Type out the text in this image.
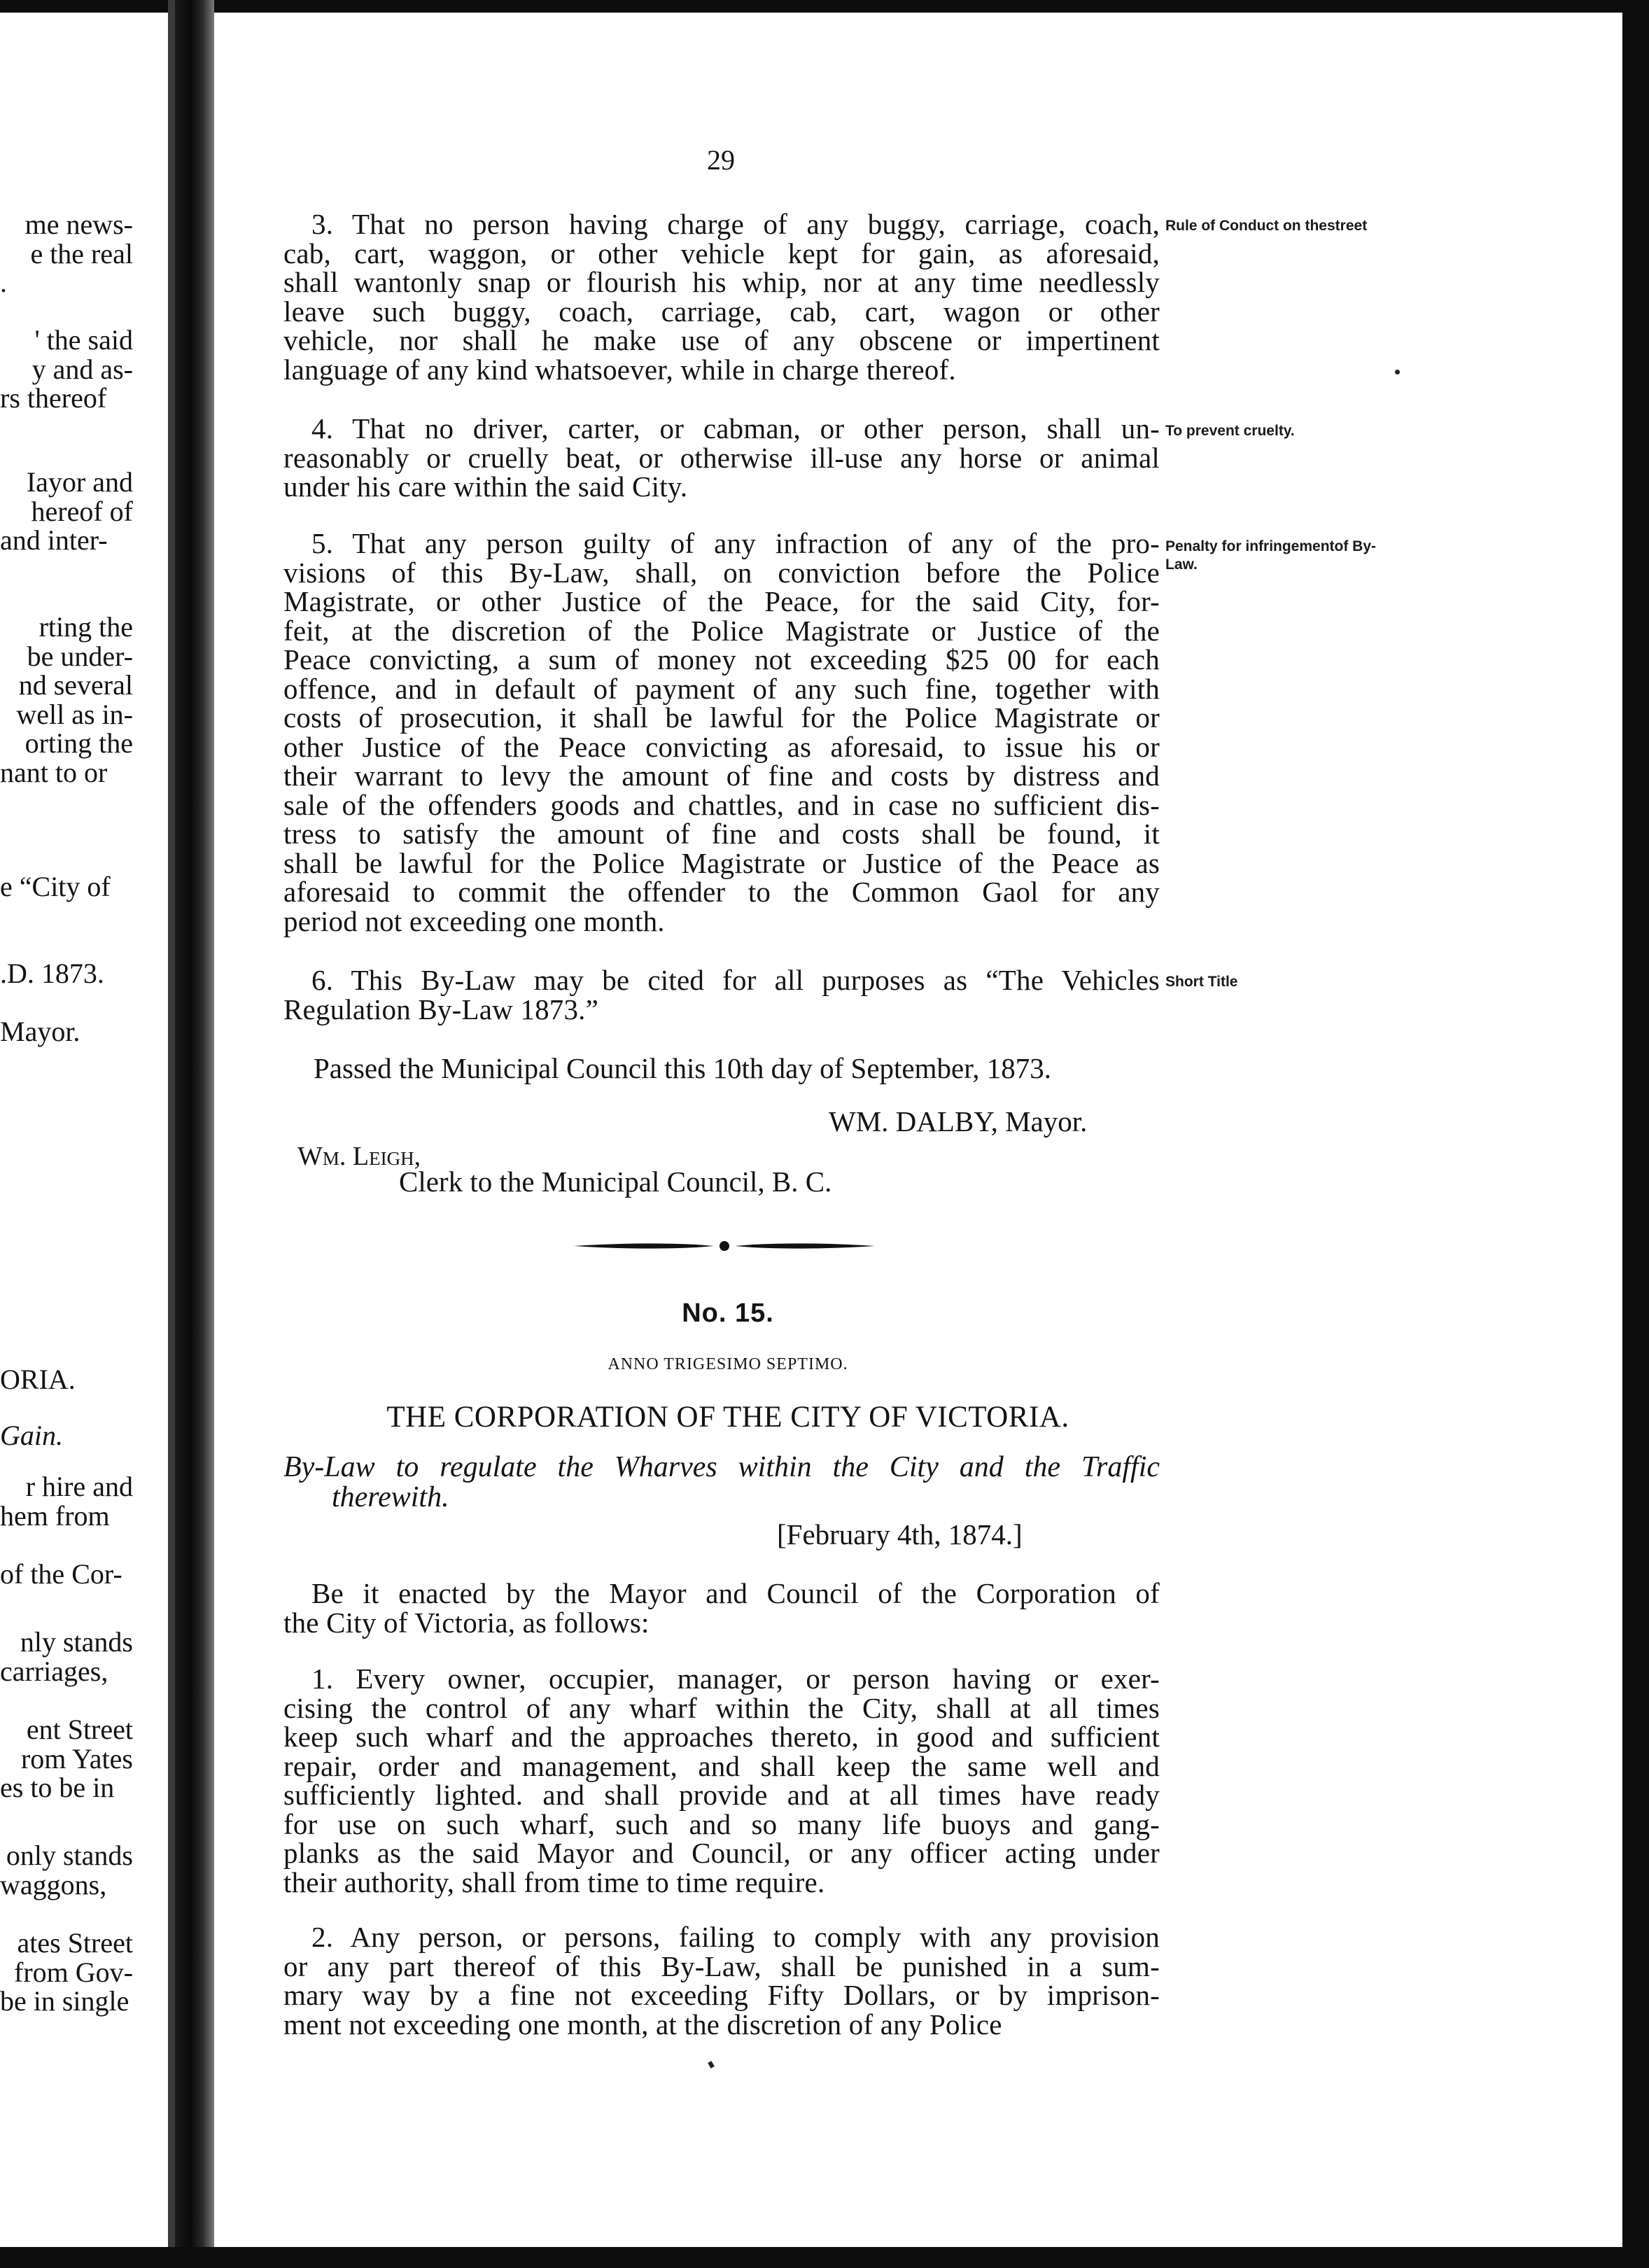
me news-
e the real
.
' the said
y and as-
rs thereof
Iayor and
hereof of
and inter-
rting the
be under-
nd several
well as in-
orting the
nant to or
e “City of
.D. 1873.
Mayor.
ORIA.
Gain.
r hire and
hem from
of the Cor-
nly stands
carriages,
ent Street
rom Yates
es to be in
only stands
waggons,
ates Street
from Gov-
be in single
29
3. That no person having charge of any buggy, carriage, coach,
cab, cart, waggon, or other vehicle kept for gain, as aforesaid,
shall wantonly snap or flourish his whip, nor at any time needlessly
leave such buggy, coach, carriage, cab, cart, wagon or other
vehicle, nor shall he make use of any obscene or impertinent
language of any kind whatsoever, while in charge thereof.
Rule of Conduct on thestreet
4. That no driver, carter, or cabman, or other person, shall un-
reasonably or cruelly beat, or otherwise ill-use any horse or animal
under his care within the said City.
To prevent cruelty.
5. That any person guilty of any infraction of any of the pro-
visions of this By-Law, shall, on conviction before the Police
Magistrate, or other Justice of the Peace, for the said City, for-
feit, at the discretion of the Police Magistrate or Justice of the
Peace convicting, a sum of money not exceeding $25 00 for each
offence, and in default of payment of any such fine, together with
costs of prosecution, it shall be lawful for the Police Magistrate or
other Justice of the Peace convicting as aforesaid, to issue his or
their warrant to levy the amount of fine and costs by distress and
sale of the offenders goods and chattles, and in case no sufficient dis-
tress to satisfy the amount of fine and costs shall be found, it
shall be lawful for the Police Magistrate or Justice of the Peace as
aforesaid to commit the offender to the Common Gaol for any
period not exceeding one month.
Penalty for infringementof By-Law.
6. This By-Law may be cited for all purposes as “The Vehicles
Regulation By-Law 1873.”
Short Title
Passed the Municipal Council this 10th day of September, 1873.
WM. DALBY, Mayor.
Wm. Leigh,
Clerk to the Municipal Council, B. C.
No. 15.
ANNO TRIGESIMO SEPTIMO.
THE CORPORATION OF THE CITY OF VICTORIA.
By-Law to regulate the Wharves within the City and the Traffic
therewith.
[February 4th, 1874.]
Be it enacted by the Mayor and Council of the Corporation of
the City of Victoria, as follows:
1. Every owner, occupier, manager, or person having or exer-
cising the control of any wharf within the City, shall at all times
keep such wharf and the approaches thereto, in good and sufficient
repair, order and management, and shall keep the same well and
sufficiently lighted. and shall provide and at all times have ready
for use on such wharf, such and so many life buoys and gang-
planks as the said Mayor and Council, or any officer acting under
their authority, shall from time to time require.
2. Any person, or persons, failing to comply with any provision
or any part thereof of this By-Law, shall be punished in a sum-
mary way by a fine not exceeding Fifty Dollars, or by imprison-
ment not exceeding one month, at the discretion of any Police
